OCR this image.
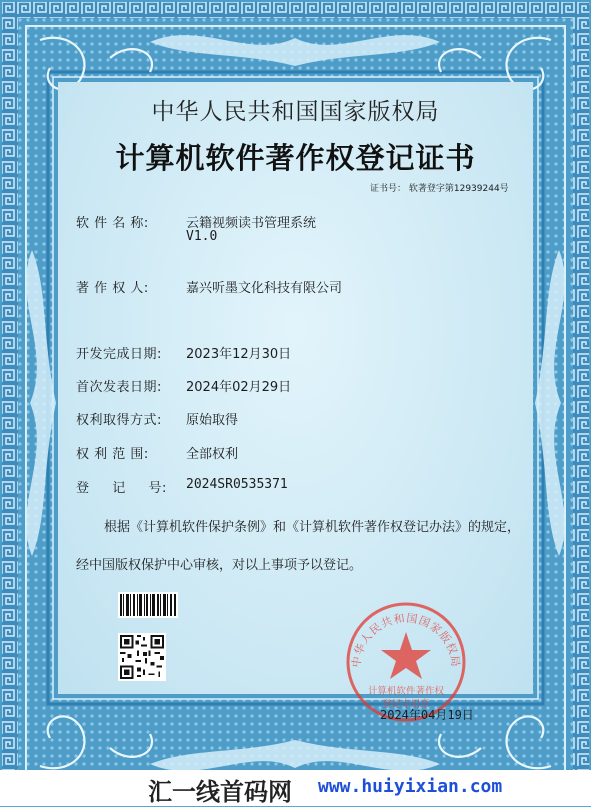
中华人民共和国国家版权局
计算机软件著作权登记证书
证书号： 软著登字第12939244号
软 件 名 称:	云籍视频读书管理系统
V1.0
著 作 权 人:	嘉兴听墨文化科技有限公司
开发完成日期: 2023年12月30日
首次发表日期: 2024年02月29日
权利取得方式: 原始取得
权 利 范 围:	全部权利
登 　 记 　 号: 2024SR0535371
根据《计算机软件保护条例》和《计算机软件著作权登记办法》的规定，经中国版权保护中心审核，对以上事项予以登记。
中华人民共和国国家版权局
计算机软件著作权
登记专用章
2024年04月19日
汇一线首码网 www.huiyixian.com
